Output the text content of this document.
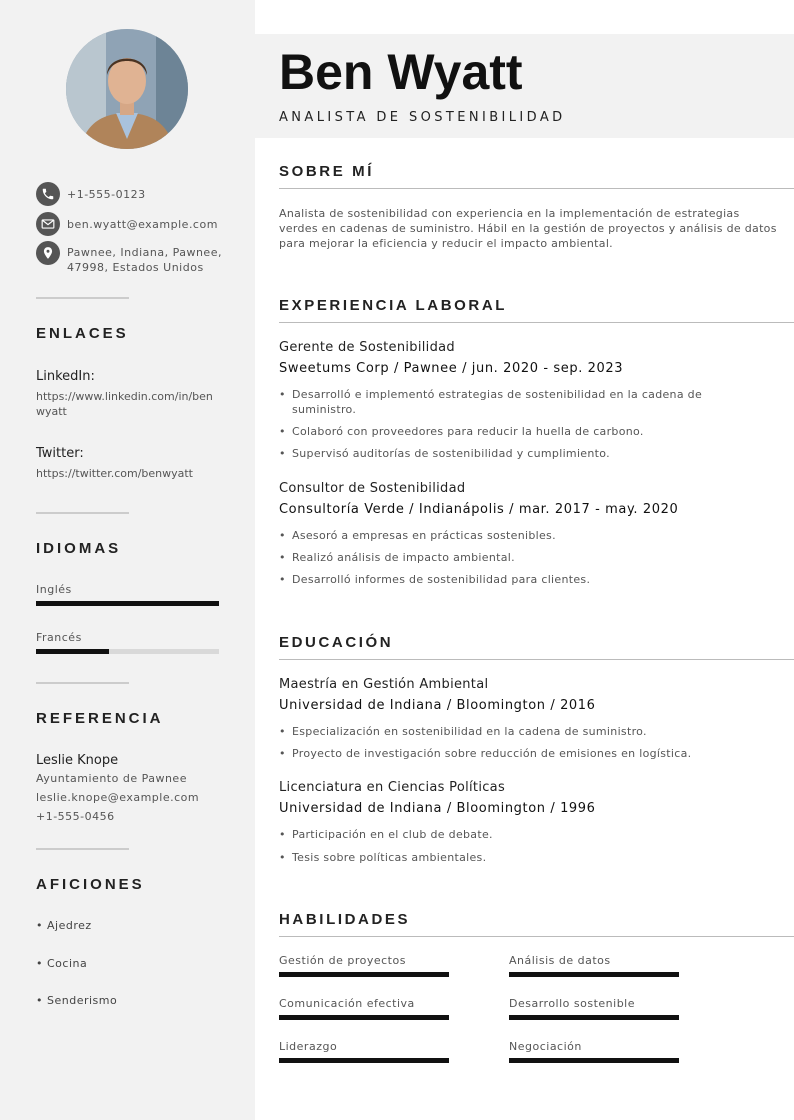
+1-555-0123
ben.wyatt@example.com
Pawnee, Indiana, Pawnee,
47998, Estados Unidos
ENLACES
LinkedIn:
https://www.linkedin.com/in/benwyatt
Twitter:
https://twitter.com/benwyatt
IDIOMAS
Inglés
Francés
REFERENCIA
Leslie Knope
Ayuntamiento de Pawnee
leslie.knope@example.com
+1-555-0456
AFICIONES
• Ajedrez
• Cocina
• Senderismo
Ben Wyatt
ANALISTA DE SOSTENIBILIDAD
SOBRE MÍ
Analista de sostenibilidad con experiencia en la implementación de estrategias verdes en cadenas de suministro. Hábil en la gestión de proyectos y análisis de datos para mejorar la eficiencia y reducir el impacto ambiental.
EXPERIENCIA LABORAL
Gerente de Sostenibilidad
Sweetums Corp / Pawnee / jun. 2020 - sep. 2023
• Desarrolló e implementó estrategias de sostenibilidad en la cadena de suministro.
• Colaboró con proveedores para reducir la huella de carbono.
• Supervisó auditorías de sostenibilidad y cumplimiento.
Consultor de Sostenibilidad
Consultoría Verde / Indianápolis / mar. 2017 - may. 2020
• Asesoró a empresas en prácticas sostenibles.
• Realizó análisis de impacto ambiental.
• Desarrolló informes de sostenibilidad para clientes.
EDUCACIÓN
Maestría en Gestión Ambiental
Universidad de Indiana / Bloomington / 2016
• Especialización en sostenibilidad en la cadena de suministro.
• Proyecto de investigación sobre reducción de emisiones en logística.
Licenciatura en Ciencias Políticas
Universidad de Indiana / Bloomington / 1996
• Participación en el club de debate.
• Tesis sobre políticas ambientales.
HABILIDADES
Gestión de proyectos	Análisis de datos
Comunicación efectiva	Desarrollo sostenible
Liderazgo	Negociación
